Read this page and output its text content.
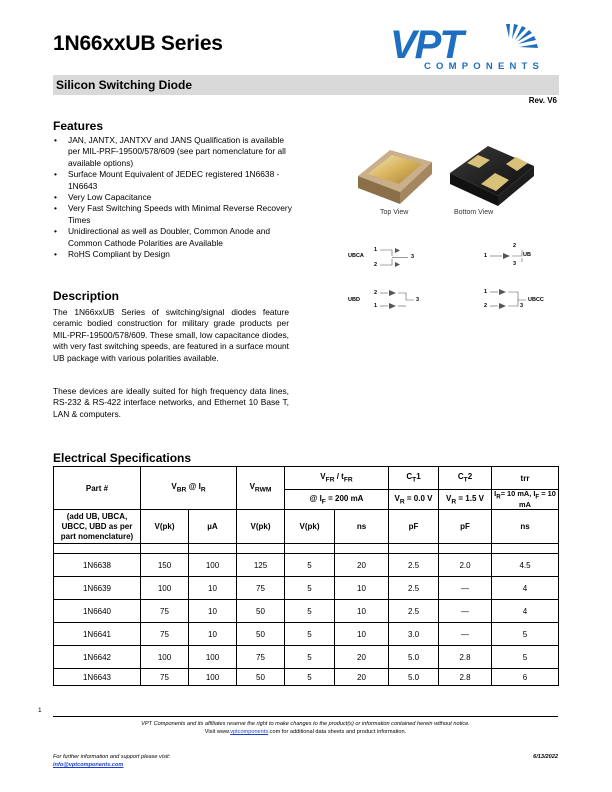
1N66xxUB Series	VPT
COMPONENTS
Silicon Switching Diode
Rev. V6
Features
• JAN, JANTX, JANTXV and JANS Qualification is available per MIL-PRF-19500/578/609 (see part nomenclature for all available options)
• Surface Mount Equivalent of JEDEC registered 1N6638 - 1N6643
• Very Low Capacitance
• Very Fast Switching Speeds with Minimal Reverse Recovery Times
• Unidirectional as well as Doubler, Common Anode and Common Cathode Polarities are Available
• RoHS Compliant by Design
Top View	Bottom View
UBCA
1
2
3	UB
1
2
3
UBD
2
1
3	UBCC
1
2	3
Description

The 1N66xxUB Series of switching/signal diodes feature ceramic bodied construction for military grade products per MIL-PRF-19500/578/609. These small, low capacitance diodes, with very fast switching speeds, are featured in a surface mount UB package with various polarities available.

These devices are ideally suited for high frequency data lines, RS-232 & RS-422 interface networks, and Ethernet 10 Base T, LAN & computers.

Electrical Specifications
Part #	$V_{BR}$ @ $I_R$		$V_{RWM}$	$V_{FR} / t_{FR}$		$C_T1$	$C_T2$	trr
				@ $I_F = 200$ mA		$V_R = 0.0$ V	$V_R = 1.5$ V	$I_R= 10$ mA, $I_F = 10$ mA
(add UB, UBCA, UBCC, UBD as per part nomenclature)	V(pk)	µA	V(pk)	V(pk)	ns	pF	pF	ns

1N6638	150	100	125	5	20	2.5	2.0	4.5
1N6639	100	10	75	5	10	2.5	—	4
1N6640	75	10	50	5	10	2.5	—	4
1N6641	75	10	50	5	10	3.0	—	5
1N6642	100	100	75	5	20	5.0	2.8	5
1N6643	75	100	50	5	20	5.0	2.8	6
1
VPT Components and its affiliates reserve the right to make changes to the product(s) or information contained herein without notice.
Visit www.vptcomponents.com for additional data sheets and product information.
For further information and support please visit:
info@vptcomponents.com
6/13/2022
